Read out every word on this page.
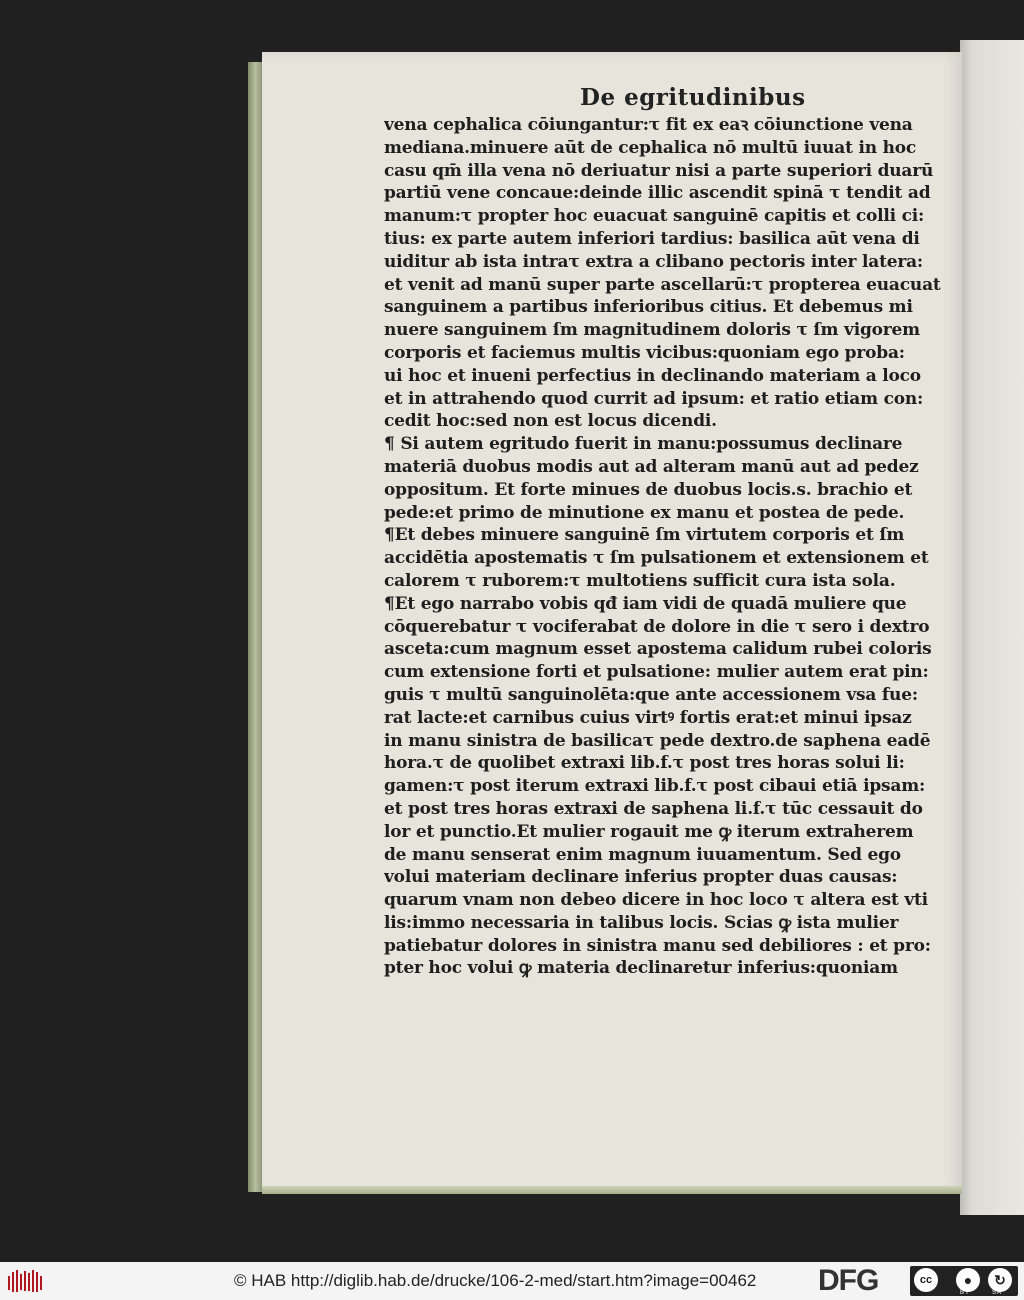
De egritudinibus
vena cephalica cōiungantur:τ fit ex eaꝛ cōiunctione vena
mediana.minuere aūt de cephalica nō multū iuuat in hoc
casu qm̄ illa vena nō deriuatur nisi a parte superiori duarū
partiū vene concaue:deinde illic ascendit spinā τ tendit ad
manum:τ propter hoc euacuat sanguinē capitis et colli ci:
tius: ex parte autem inferiori tardius: basilica aūt vena di
uiditur ab ista intraτ extra a clibano pectoris inter latera:
et venit ad manū super parte ascellarū:τ propterea euacuat
sanguinem a partibus inferioribus citius. Et debemus mi
nuere sanguinem ſm magnitudinem doloris τ ſm vigorem
corporis et faciemus multis vicibus:quoniam ego proba:
ui hoc et inueni perfectius in declinando materiam a loco
et in attrahendo quod currit ad ipsum: et ratio etiam con:
cedit hoc:sed non est locus dicendi.
¶ Si autem egritudo fuerit in manu:possumus declinare
materiā duobus modis aut ad alteram manū aut ad pedez
oppositum. Et forte minues de duobus locis.s. brachio et
pede:et primo de minutione ex manu et postea de pede.
¶Et debes minuere sanguinē ſm virtutem corporis et ſm
accidētia apostematis τ ſm pulsationem et extensionem et
calorem τ ruborem:τ multotiens sufficit cura ista sola.
¶Et ego narrabo vobis qđ iam vidi de quadā muliere que
cōquerebatur τ vociferabat de dolore in die τ sero i dextro
asceta:cum magnum esset apostema calidum rubei coloris
cum extensione forti et pulsatione: mulier autem erat pin:
guis τ multū sanguinolēta:que ante accessionem vsa fue:
rat lacte:et carnibus cuius virtꝰ fortis erat:et minui ipsaz
in manu sinistra de basilicaτ pede dextro.de saphena eadē
hora.τ de quolibet extraxi lib.f.τ post tres horas solui li:
gamen:τ post iterum extraxi lib.f.τ post cibaui etiā ipsam:
et post tres horas extraxi de saphena li.f.τ tūc cessauit do
lor et punctio.Et mulier rogauit me ꝙ iterum extraherem
de manu senserat enim magnum iuuamentum. Sed ego
volui materiam declinare inferius propter duas causas:
quarum vnam non debeo dicere in hoc loco τ altera est vti
lis:immo necessaria in talibus locis. Scias ꝙ ista mulier
patiebatur dolores in sinistra manu sed debiliores : et pro:
pter hoc volui ꝙ materia declinaretur inferius:quoniam
© HAB http://diglib.hab.de/drucke/106-2-med/start.htm?image=00462 DFG	cc	●	↻
BY	SA
